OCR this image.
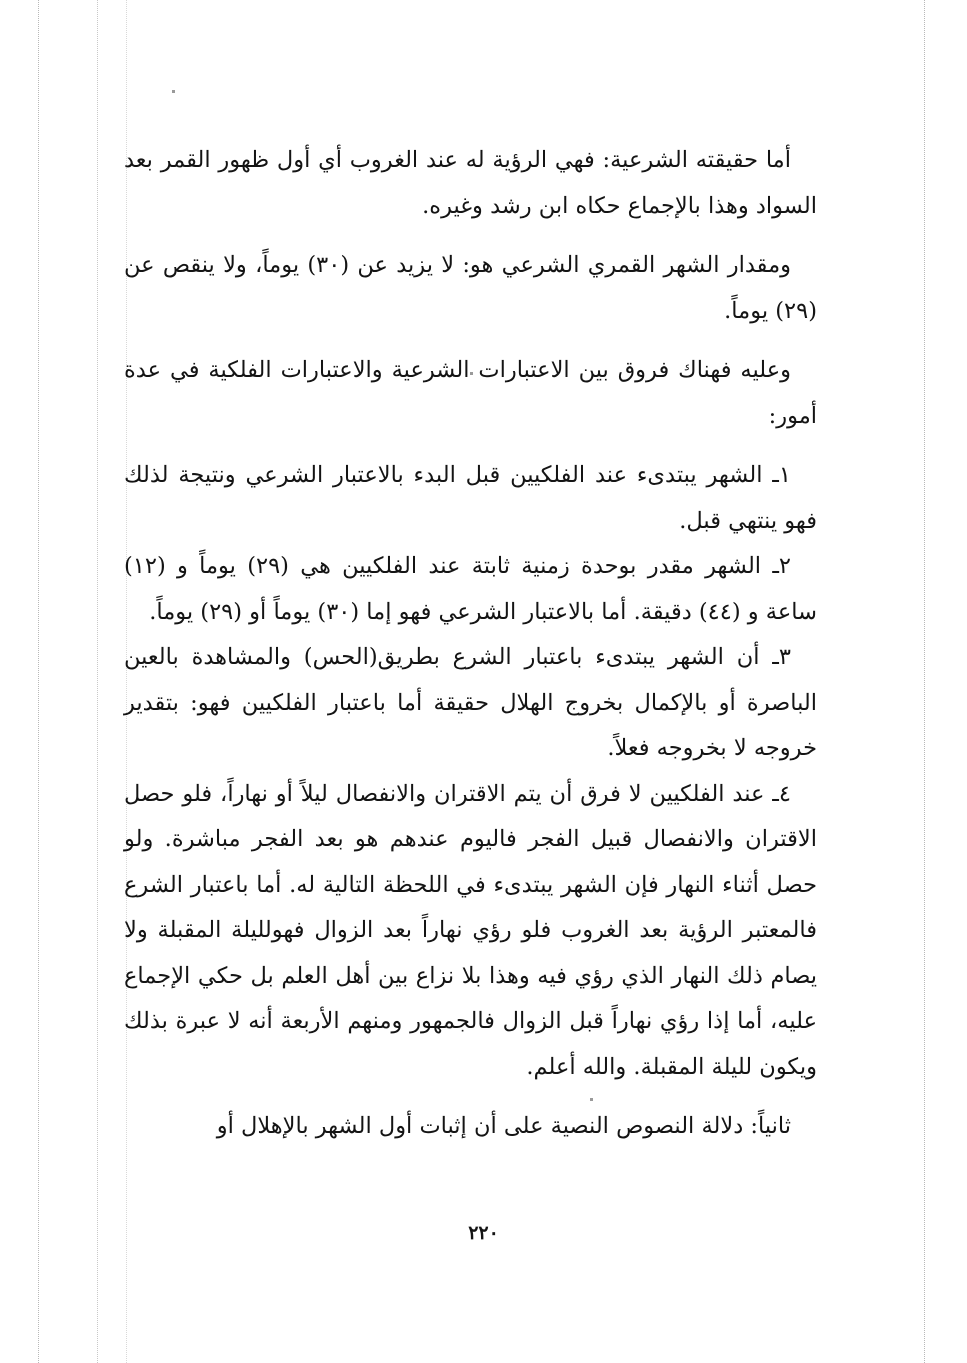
أما حقيقته الشرعية: فهي الرؤية له عند الغروب أي أول ظهور القمر بعد السواد وهذا بالإجماع حكاه ابن رشد وغيره.

ومقدار الشهر القمري الشرعي هو: لا يزيد عن (٣٠) يوماً، ولا ينقص عن (٢٩) يوماً.

وعليه فهناك فروق بين الاعتبارات الشرعية والاعتبارات الفلكية في عدة أمور:

١ـ الشهر يبتدىء عند الفلكيين قبل البدء بالاعتبار الشرعي ونتيجة لذلك فهو ينتهي قبل.

٢ـ الشهر مقدر بوحدة زمنية ثابتة عند الفلكيين هي (٢٩) يوماً و (١٢) ساعة و (٤٤) دقيقة. أما بالاعتبار الشرعي فهو إما (٣٠) يوماً أو (٢٩) يوماً.

٣ـ أن الشهر يبتدىء باعتبار الشرع بطريق(الحس) والمشاهدة بالعين الباصرة أو بالإكمال بخروج الهلال حقيقة أما باعتبار الفلكيين فهو: بتقدير خروجه لا بخروجه فعلاً.

٤ـ عند الفلكيين لا فرق أن يتم الاقتران والانفصال ليلاً أو نهاراً، فلو حصل الاقتران والانفصال قبيل الفجر فاليوم عندهم هو بعد الفجر مباشرة. ولو حصل أثناء النهار فإن الشهر يبتدىء في اللحظة التالية له. أما باعتبار الشرع فالمعتبر الرؤية بعد الغروب فلو رؤي نهاراً بعد الزوال فهولليلة المقبلة ولا يصام ذلك النهار الذي رؤي فيه وهذا بلا نزاع بين أهل العلم بل حكي الإجماع عليه، أما إذا رؤي نهاراً قبل الزوال فالجمهور ومنهم الأربعة أنه لا عبرة بذلك ويكون لليلة المقبلة. والله أعلم.

ثانياً: دلالة النصوص النصية على أن إثبات أول الشهر بالإهلال أو

٢٢٠
